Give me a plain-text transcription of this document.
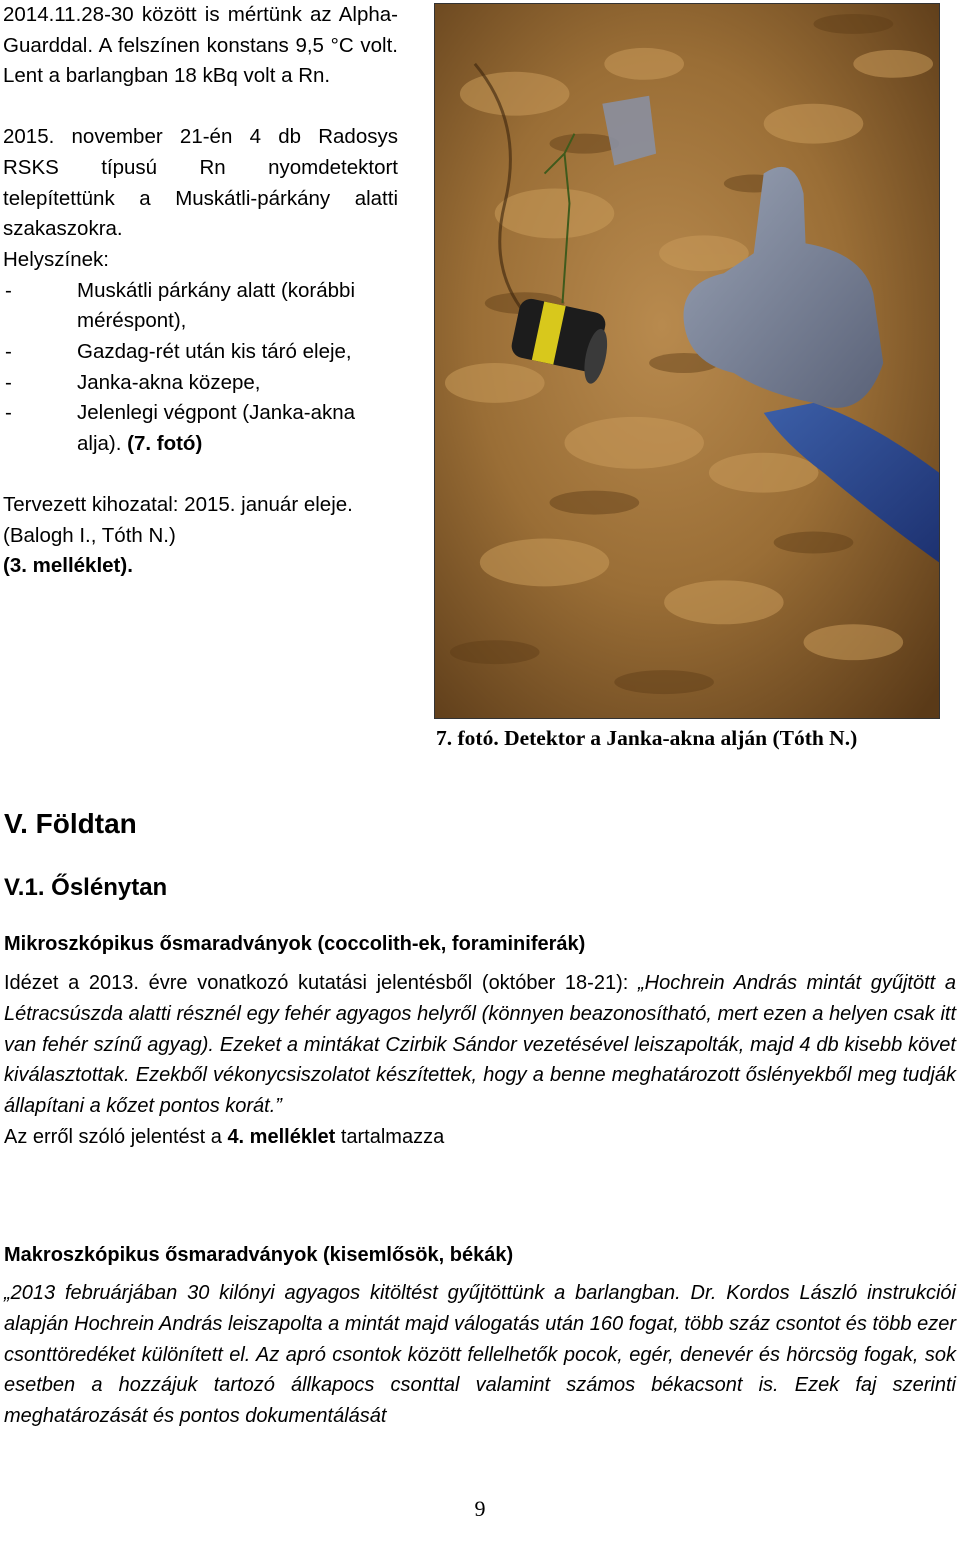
2014.11.28-30 között is mértünk az Alpha-Guarddal. A felszínen konstans 9,5 °C volt. Lent a barlangban 18 kBq volt a Rn.

2015. november 21-én 4 db Radosys RSKS típusú Rn nyomdetektort telepítettünk a Muskátli-párkány alatti szakaszokra.

Helyszínek:

-	Muskátli párkány alatt (korábbi méréspont),
-	Gazdag-rét után kis táró eleje,
-	Janka-akna közepe,
-	Jelenlegi végpont (Janka-akna alja). (7. fotó)

Tervezett kihozatal: 2015. január eleje. (Balogh I., Tóth N.)

(3. melléklet).

7. fotó. Detektor a Janka-akna alján (Tóth N.)
V. Földtan
V.1. Őslénytan
Mikroszkópikus ősmaradványok (coccolith-ek, foraminiferák)

Idézet a 2013. évre vonatkozó kutatási jelentésből (október 18-21): „Hochrein András mintát gyűjtött a Létracsúszda alatti résznél egy fehér agyagos helyről (könnyen beazonosítható, mert ezen a helyen csak itt van fehér színű agyag). Ezeket a mintákat Czirbik Sándor vezetésével leiszapolták, majd 4 db kisebb követ kiválasztottak. Ezekből vékonycsiszolatot készítettek, hogy a benne meghatározott őslényekből meg tudják állapítani a kőzet pontos korát.”

Az erről szóló jelentést a 4. melléklet tartalmazza

Makroszkópikus ősmaradványok (kisemlősök, békák)

„2013 februárjában 30 kilónyi agyagos kitöltést gyűjtöttünk a barlangban. Dr. Kordos László instrukciói alapján Hochrein András leiszapolta a mintát majd válogatás után 160 fogat, több száz csontot és több ezer csonttöredéket különített el. Az apró csontok között fellelhetők pocok, egér, denevér és hörcsög fogak, sok esetben a hozzájuk tartozó állkapocs csonttal valamint számos békacsont is. Ezek faj szerinti meghatározását és pontos dokumentálását

9
